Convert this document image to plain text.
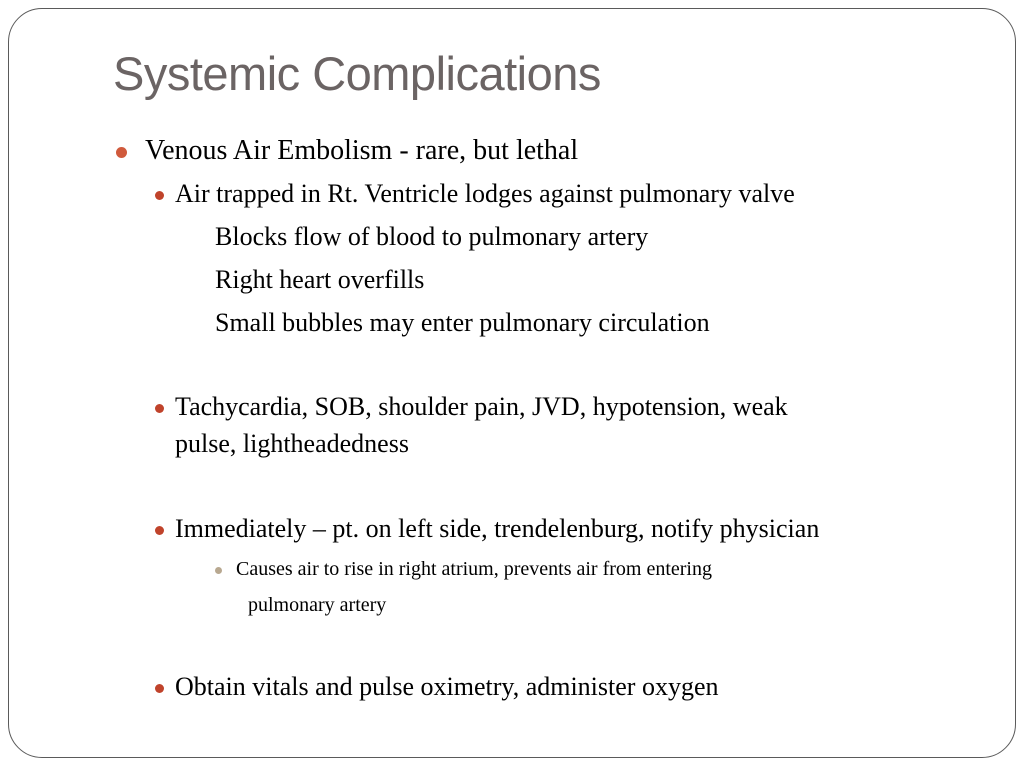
Systemic Complications
Venous Air Embolism - rare, but lethal
Air trapped in Rt. Ventricle lodges against pulmonary valve
Blocks flow of blood to pulmonary artery
Right heart overfills
Small bubbles may enter pulmonary circulation
Tachycardia, SOB, shoulder pain, JVD, hypotension, weak
pulse, lightheadedness
Immediately – pt. on left side, trendelenburg, notify physician
Causes air to rise in right atrium, prevents air from entering
pulmonary artery
Obtain vitals and pulse oximetry, administer oxygen
